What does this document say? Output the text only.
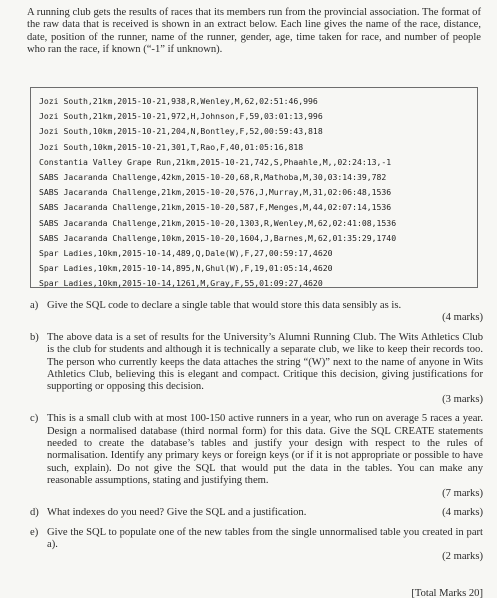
A running club gets the results of races that its members run from the provincial association. The format of the raw data that is received is shown in an extract below. Each line gives the name of the race, distance, date, position of the runner, name of the runner, gender, age, time taken for race, and number of people who ran the race, if known (“-1” if unknown).

Jozi South,21km,2015-10-21,938,R,Wenley,M,62,02:51:46,996
Jozi South,21km,2015-10-21,972,H,Johnson,F,59,03:01:13,996
Jozi South,10km,2015-10-21,204,N,Bontley,F,52,00:59:43,818
Jozi South,10km,2015-10-21,301,T,Rao,F,40,01:05:16,818
Constantia Valley Grape Run,21km,2015-10-21,742,S,Phaahle,M,,02:24:13,-1
SABS Jacaranda Challenge,42km,2015-10-20,68,R,Mathoba,M,30,03:14:39,782
SABS Jacaranda Challenge,21km,2015-10-20,576,J,Murray,M,31,02:06:48,1536
SABS Jacaranda Challenge,21km,2015-10-20,587,F,Menges,M,44,02:07:14,1536
SABS Jacaranda Challenge,21km,2015-10-20,1303,R,Wenley,M,62,02:41:08,1536
SABS Jacaranda Challenge,10km,2015-10-20,1604,J,Barnes,M,62,01:35:29,1740
Spar Ladies,10km,2015-10-14,489,Q,Dale(W),F,27,00:59:17,4620
Spar Ladies,10km,2015-10-14,895,N,Ghul(W),F,19,01:05:14,4620
Spar Ladies,10km,2015-10-14,1261,M,Gray,F,55,01:09:27,4620
a) Give the SQL code to declare a single table that would store this data sensibly as is.
(4 marks)
b) The above data is a set of results for the University’s Alumni Running Club. The Wits Athletics Club is the club for students and although it is technically a separate club, we like to keep their records too. The person who currently keeps the data attaches the string “(W)” next to the name of anyone in Wits Athletics Club, believing this is elegant and compact. Critique this decision, giving justifications for supporting or opposing this decision.
(3 marks)
c) This is a small club with at most 100-150 active runners in a year, who run on average 5 races a year. Design a normalised database (third normal form) for this data. Give the SQL CREATE statements needed to create the database’s tables and justify your design with respect to the rules of normalisation. Identify any primary keys or foreign keys (or if it is not appropriate or possible to have such, explain). Do not give the SQL that would put the data in the tables. You can make any reasonable assumptions, stating and justifying them.
(7 marks)
d)	(4 marks)
What indexes do you need? Give the SQL and a justification.
e) Give the SQL to populate one of the new tables from the single unnormalised table you created in part a).
(2 marks)
[Total Marks 20]
